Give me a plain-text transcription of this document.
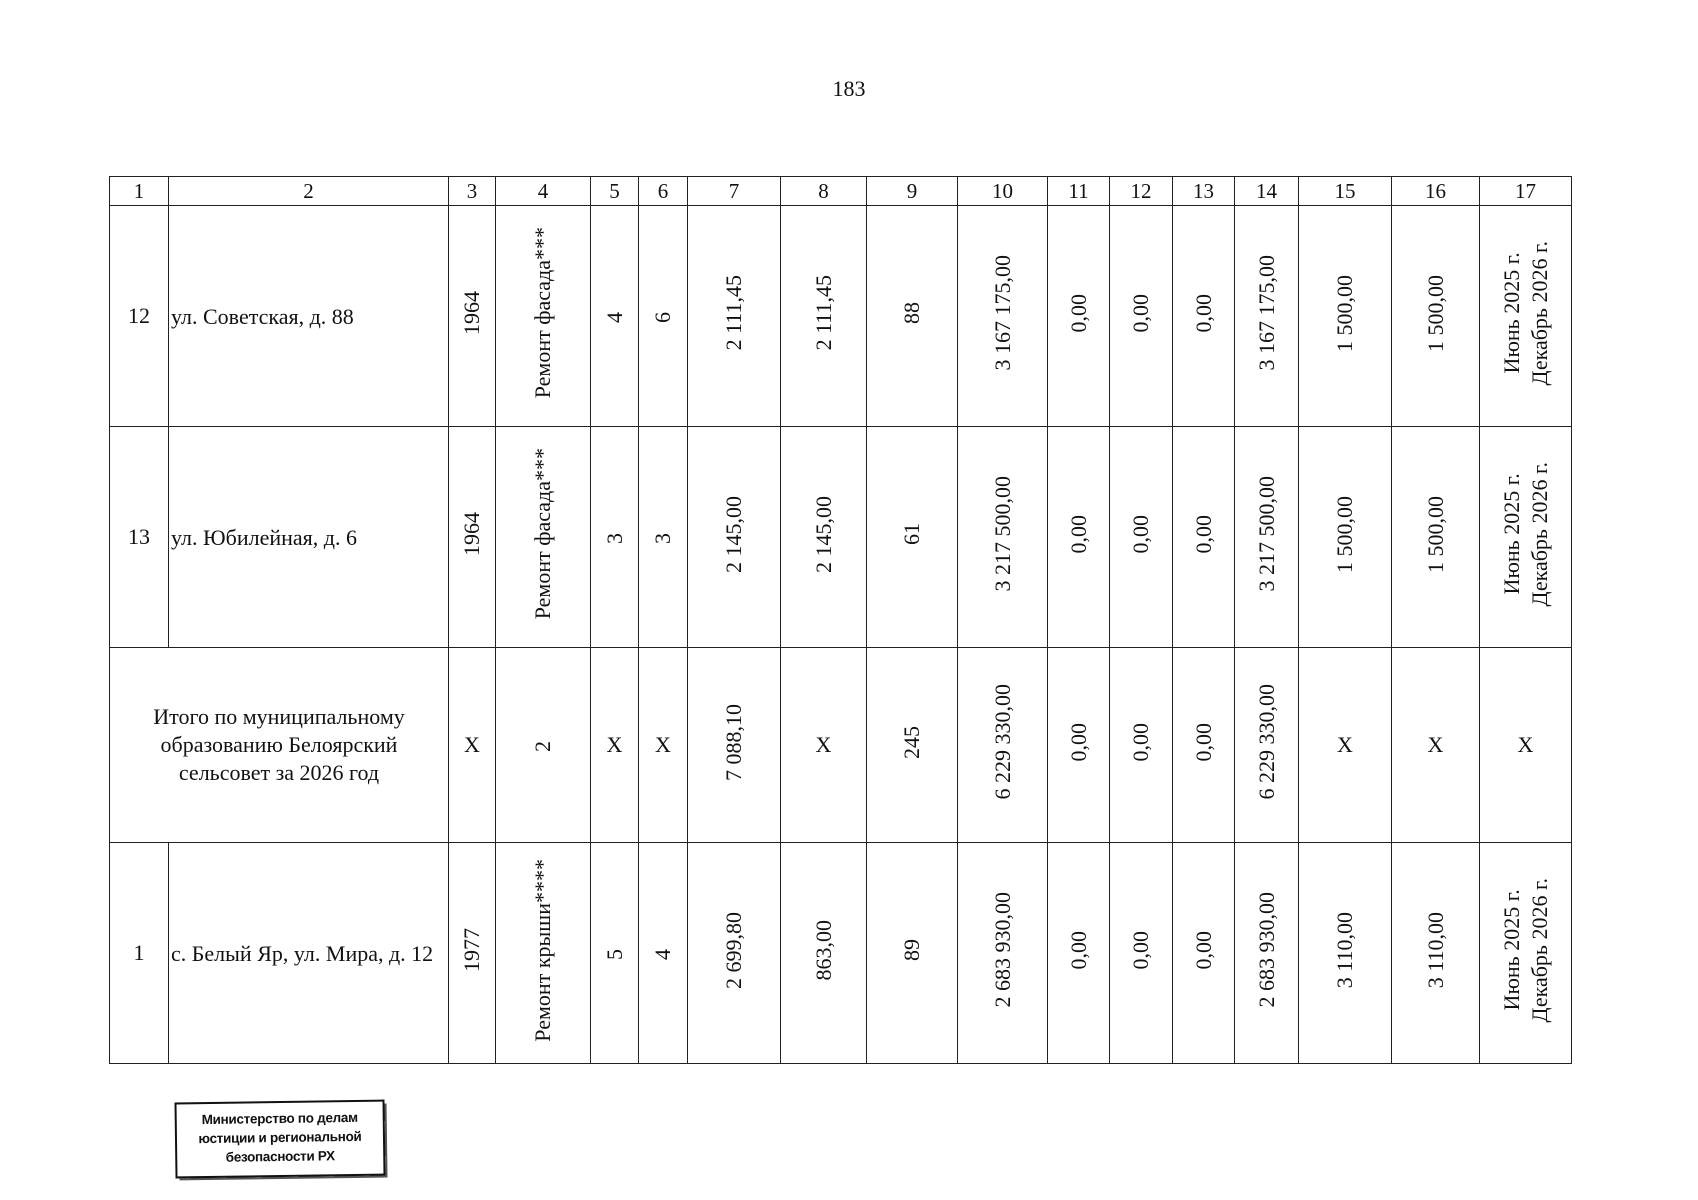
183
1	2	3	4	5	6	7	8	9	10	11	12	13	14	15	16	17
12	ул. Советская, д. 88	1964	Ремонт фасада***	4	6	2 111,45	2 111,45	88	3 167 175,00	0,00	0,00	0,00	3 167 175,00	1 500,00	1 500,00	Июнь 2025 г. Декабрь 2026 г.
13	ул. Юбилейная, д. 6	1964	Ремонт фасада***	3	3	2 145,00	2 145,00	61	3 217 500,00	0,00	0,00	0,00	3 217 500,00	1 500,00	1 500,00	Июнь 2025 г. Декабрь 2026 г.
Итого по муниципальному образованию Белоярский сельсовет за 2026 год		Х	2	Х	Х	7 088,10	Х	245	6 229 330,00	0,00	0,00	0,00	6 229 330,00	Х	Х	Х
1	с. Белый Яр, ул. Мира, д. 12	1977	Ремонт крыши****	5	4	2 699,80	863,00	89	2 683 930,00	0,00	0,00	0,00	2 683 930,00	3 110,00	3 110,00	Июнь 2025 г. Декабрь 2026 г.
Министерство по делам
юстиции и региональной
безопасности РХ
